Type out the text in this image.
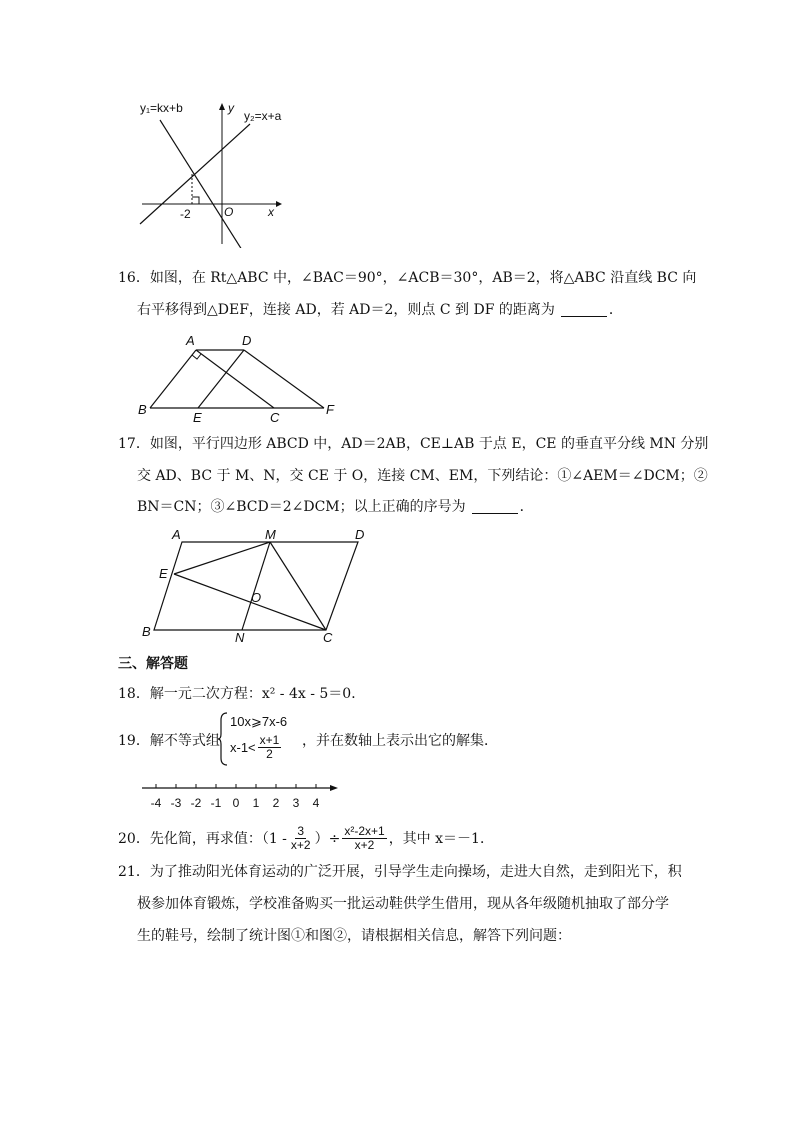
y₁=kx+b
y₂=x+a
y
x
O
-2
16．如图，在 Rt△ABC 中，∠BAC＝90°，∠ACB＝30°，AB＝2，将△ABC 沿直线 BC 向
右平移得到△DEF，连接 AD，若 AD＝2，则点 C 到 DF 的距离为	．
A	D
B
E	C
F
17．如图，平行四边形 ABCD 中，AD＝2AB，CE⊥AB 于点 E，CE 的垂直平分线 MN 分别
交 AD、BC 于 M、N，交 CE 于 O，连接 CM、EM，下列结论：①∠AEM＝∠DCM；②
BN＝CN；③∠BCD＝2∠DCM；以上正确的序号为	．
A	M	D
E
O
B	N	C
三、解答题
18．解一元二次方程：x² - 4x - 5＝0．
19．解不等式组
10x⩾7x-6
$x-1< \frac{x+1}{2}$ ，并在数轴上表示出它的解集．
-4 -3 -2 -1 0 1 2 3 4
20．先化简，再求值：（$1 - \frac{3}{x+2}$ ）÷ $\frac{\text{x²-2x+1}}{x+2}$ ，其中 x＝－1．
21．为了推动阳光体育运动的广泛开展，引导学生走向操场，走进大自然，走到阳光下，积
极参加体育锻炼，学校准备购买一批运动鞋供学生借用，现从各年级随机抽取了部分学
生的鞋号，绘制了统计图①和图②，请根据相关信息，解答下列问题：
